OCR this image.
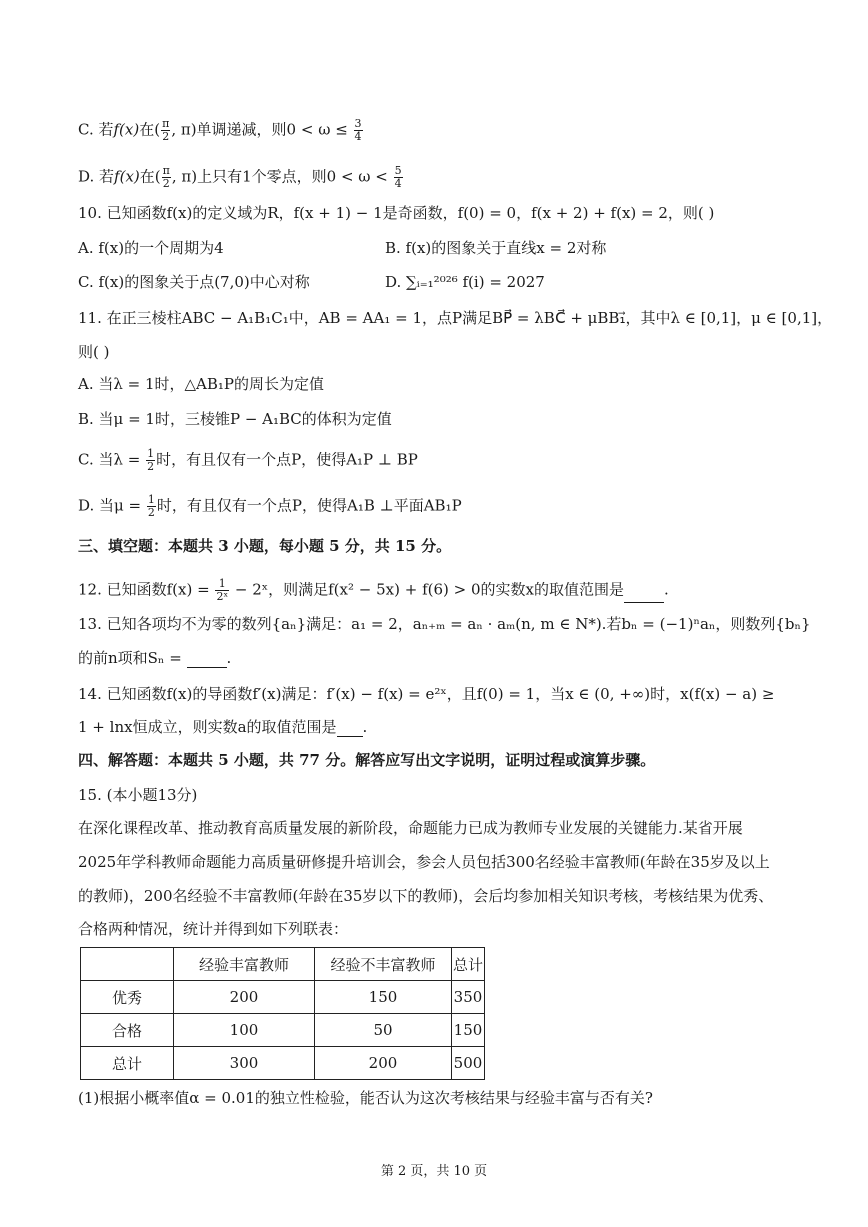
C. 若f(x)在( $\frac{\pi}{2}$ , π)单调递减，则$0 < \omega \le \frac{3}{4}$
D. 若f(x)在( $\frac{\pi}{2}$ , π)上只有1个零点，则$0 < \omega < \frac{5}{4}$
10. 已知函数f(x)的定义域为R，f(x + 1) − 1是奇函数，f(0) = 0，f(x + 2) + f(x) = 2，则( )
A. f(x)的一个周期为4	B. f(x)的图象关于直线x = 2对称
C. f(x)的图象关于点(7,0)中心对称	D. ∑ᵢ₌₁²⁰²⁶ f(i) = 2027
11. 在正三棱柱ABC − A₁B₁C₁中，AB = AA₁ = 1，点P满足BP⃗ = λBC⃗ + μBB₁⃗，其中λ ∈ [0,1]，μ ∈ [0,1]，
则( )
A. 当λ = 1时，△AB₁P的周长为定值
B. 当μ = 1时，三棱锥P − A₁BC的体积为定值
C. 当$\lambda = \frac{1}{2}$ 时，有且仅有一个点P，使得A₁P ⊥ BP
D. 当$\mu = \frac{1}{2}$ 时，有且仅有一个点P，使得A₁B ⊥平面AB₁P
三、填空题：本题共 3 小题，每小题 5 分，共 15 分。
12. 已知函数$f(x) = \frac{1}{\text{2ˣ}}$ − 2ˣ，则满足f(x² − 5x) + f(6) > 0的实数x的取值范围是	.
13. 已知各项均不为零的数列{aₙ}满足：a₁ = 2，aₙ₊ₘ = aₙ · aₘ(n, m ∈ N*).若bₙ = (−1)ⁿaₙ，则数列{bₙ}
的前n项和Sₙ =	.
14. 已知函数f(x)的导函数f′(x)满足：f′(x) − f(x) = e²ˣ，且f(0) = 1，当x ∈ (0, +∞)时，x(f(x) − a) ≥
1 + lnx恒成立，则实数a的取值范围是 .
四、解答题：本题共 5 小题，共 77 分。解答应写出文字说明，证明过程或演算步骤。
15. (本小题13分)
在深化课程改革、推动教育高质量发展的新阶段，命题能力已成为教师专业发展的关键能力.某省开展
2025年学科教师命题能力高质量研修提升培训会，参会人员包括300名经验丰富教师(年龄在35岁及以上
的教师)，200名经验不丰富教师(年龄在35岁以下的教师)，会后均参加相关知识考核，考核结果为优秀、
合格两种情况，统计并得到如下列联表：
	经验丰富教师	经验不丰富教师	总计
优秀	200	150	350
合格	100	50	150
总计	300	200	500
(1)根据小概率值α = 0.01的独立性检验，能否认为这次考核结果与经验丰富与否有关?
第 2 页，共 10 页
